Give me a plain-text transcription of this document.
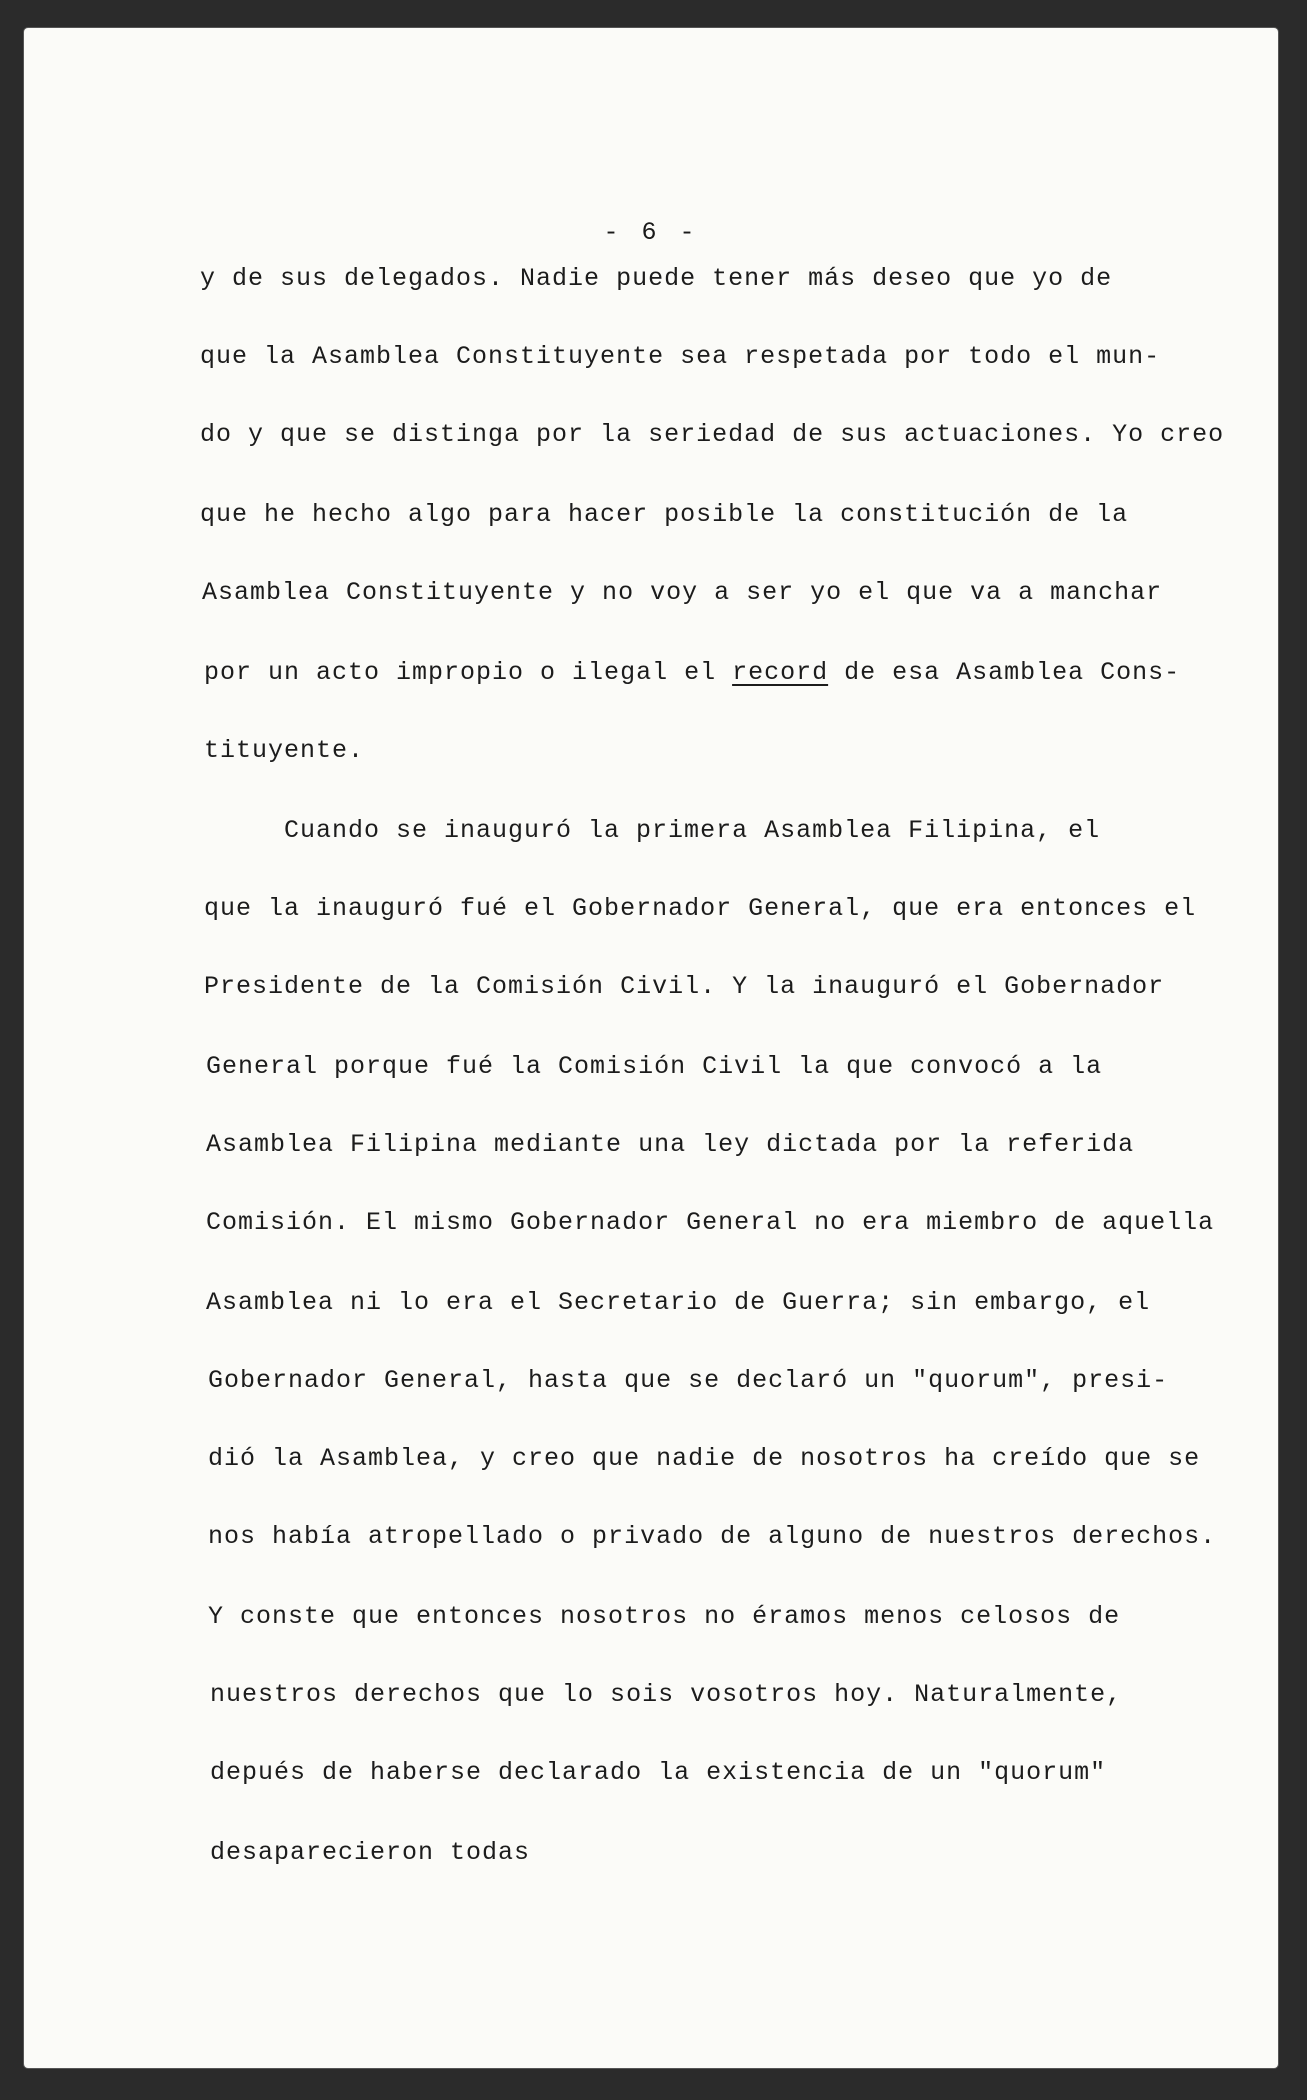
- 6 -
y de sus delegados. Nadie puede tener más deseo que yo de
que la Asamblea Constituyente sea respetada por todo el mun-
do y que se distinga por la seriedad de sus actuaciones. Yo creo
que he hecho algo para hacer posible la constitución de la
Asamblea Constituyente y no voy a ser yo el que va a manchar
por un acto impropio o ilegal el record de esa Asamblea Cons-
tituyente.
Cuando se inauguró la primera Asamblea Filipina, el
que la inauguró fué el Gobernador General, que era entonces el
Presidente de la Comisión Civil. Y la inauguró el Gobernador
General porque fué la Comisión Civil la que convocó a la
Asamblea Filipina mediante una ley dictada por la referida
Comisión. El mismo Gobernador General no era miembro de aquella
Asamblea ni lo era el Secretario de Guerra; sin embargo, el
Gobernador General, hasta que se declaró un "quorum", presi-
dió la Asamblea, y creo que nadie de nosotros ha creído que se
nos había atropellado o privado de alguno de nuestros derechos.
Y conste que entonces nosotros no éramos menos celosos de
nuestros derechos que lo sois vosotros hoy. Naturalmente,
depués de haberse declarado la existencia de un "quorum"
desaparecieron todas
